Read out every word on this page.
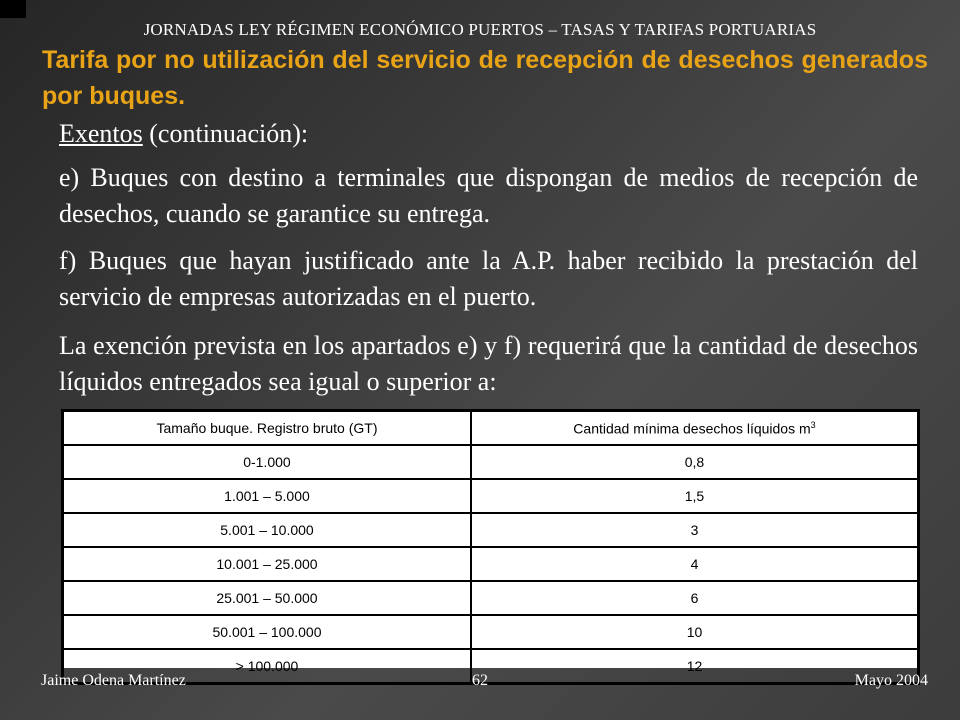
JORNADAS LEY RÉGIMEN ECONÓMICO PUERTOS – TASAS Y TARIFAS PORTUARIAS
Tarifa por no utilización del servicio de recepción de desechos generados por buques.
Exentos (continuación):
e) Buques con destino a terminales que dispongan de medios de recepción de desechos, cuando se garantice su entrega.
f) Buques que hayan justificado ante la A.P. haber recibido la prestación del servicio de empresas autorizadas en el puerto.
La exención prevista en los apartados e) y f) requerirá que la cantidad de desechos líquidos entregados sea igual o superior a:
Tamaño buque. Registro bruto (GT)	Cantidad mínima desechos líquidos $m^3$
0-1.000	0,8
1.001 – 5.000	1,5
5.001 – 10.000	3
10.001 – 25.000	4
25.001 – 50.000	6
50.001 – 100.000	10
> 100.000	12
Jaime Odena Martínez	62	Mayo 2004
